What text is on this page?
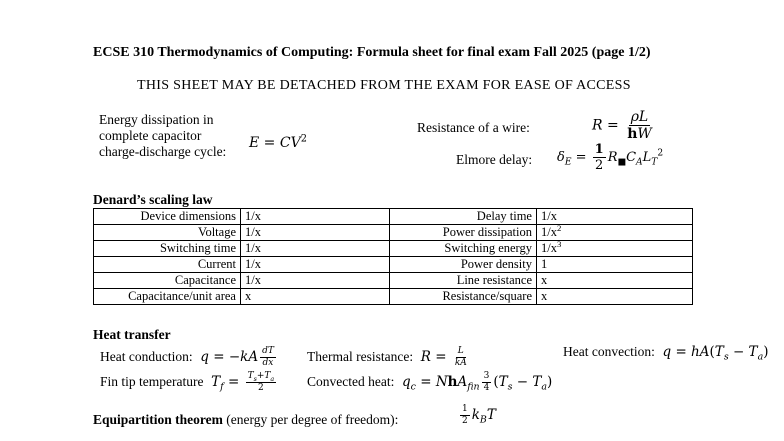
ECSE 310 Thermodynamics of Computing: Formula sheet for final exam Fall 2025 (page 1/2)
THIS SHEET MAY BE DETACHED FROM THE EXAM FOR EASE OF ACCESS
Energy dissipation in
complete capacitor
charge-discharge cycle:
$E = CV^2$
Resistance of a wire:	$R = \frac{\rho L}{hW}$
Elmore delay: $\delta_E = \frac{1}{2} R_■C_AL_T^2$
Denard’s scaling law
Device dimensions	1/x	Delay time	1/x
Voltage	1/x	Power dissipation	$1/x^2$
Switching time	1/x	Switching energy	$1/x^3$
Current	1/x	Power density	1
Capacitance	1/x	Line resistance	x
Capacitance/unit area	x	Resistance/square	x
Heat transfer
Heat conduction:  $q = -kA \frac{dT}{dx}$ Thermal resistance:  $R = \frac{L}{kA}$	Heat convection:  $q = hA(T_s - T_a)$
Fin tip temperature  $T_f = \frac{T_s+T_a}{2}$ Convected heat:  $q_c = NhA_{fin} \frac{3}{4} (T_s - T_a)$
Equipartition theorem (energy per degree of freedom):	$\frac{1}{2} k_BT$
